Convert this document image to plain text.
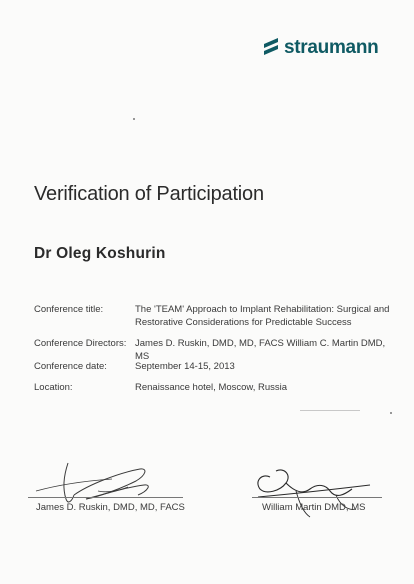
straumann
Verification of Participation
Dr Oleg Koshurin
Conference title:	The 'TEAM' Approach to Implant Rehabilitation: Surgical and Restorative Considerations for Predictable Success
Conference Directors: James D. Ruskin, DMD, MD, FACS William C. Martin DMD, MS
Conference date:	September 14-15, 2013
Location:	Renaissance hotel, Moscow, Russia
James D. Ruskin, DMD, MD, FACS	William Martin DMD, MS
